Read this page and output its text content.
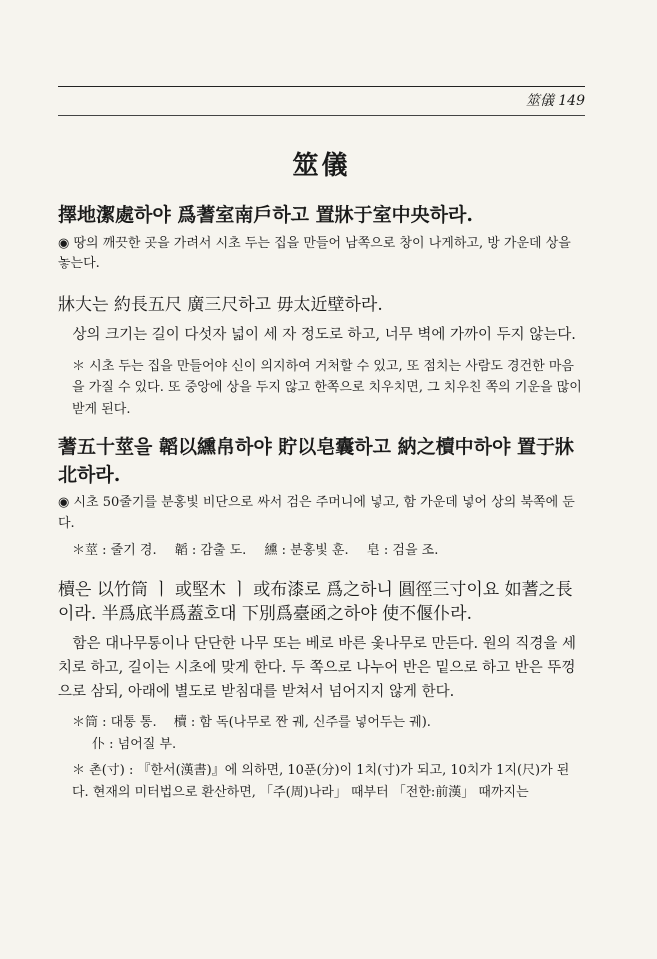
筮儀 149
筮儀

擇地潔處하야 爲蓍室南戶하고 置牀于室中央하라.

◉ 땅의 깨끗한 곳을 가려서 시초 두는 집을 만들어 남쪽으로 창이 나게하고, 방 가운데 상을 놓는다.

牀大는 約長五尺 廣三尺하고 毋太近壁하라.

상의 크기는 길이 다섯자 넓이 세 자 정도로 하고, 너무 벽에 가까이 두지 않는다.

＊ 시초 두는 집을 만들어야 신이 의지하여 거처할 수 있고, 또 점치는 사람도 경건한 마음을 가질 수 있다. 또 중앙에 상을 두지 않고 한쪽으로 치우치면, 그 치우친 쪽의 기운을 많이 받게 된다.

蓍五十莖을 韜以纁帛하야 貯以皂囊하고 納之櫝中하야 置于牀北하라.

◉ 시초 50줄기를 분홍빛 비단으로 싸서 검은 주머니에 넣고, 함 가운데 넣어 상의 북쪽에 둔다.

＊莖 : 줄기 경. 韜 : 감출 도. 纁 : 분홍빛 훈. 皂 : 검을 조.

櫝은 以竹筒 ㅣ 或堅木 ㅣ 或布漆로 爲之하니 圓徑三寸이요 如蓍之長이라. 半爲底半爲蓋호대 下別爲臺函之하야 使不偃仆라.

함은 대나무통이나 단단한 나무 또는 베로 바른 옻나무로 만든다. 원의 직경을 세치로 하고, 길이는 시초에 맞게 한다. 두 쪽으로 나누어 반은 밑으로 하고 반은 뚜껑으로 삼되, 아래에 별도로 받침대를 받쳐서 넘어지지 않게 한다.

＊筒 : 대통 통.　 櫝 : 함 독(나무로 짠 궤, 신주를 넣어두는 궤).

仆 : 넘어질 부.

＊ 촌(寸) : 『한서(漢書)』에 의하면, 10푼(分)이 1치(寸)가 되고, 10치가 1지(尺)가 된다. 현재의 미터법으로 환산하면, 「주(周)나라」 때부터 「전한:前漢」 때까지는
